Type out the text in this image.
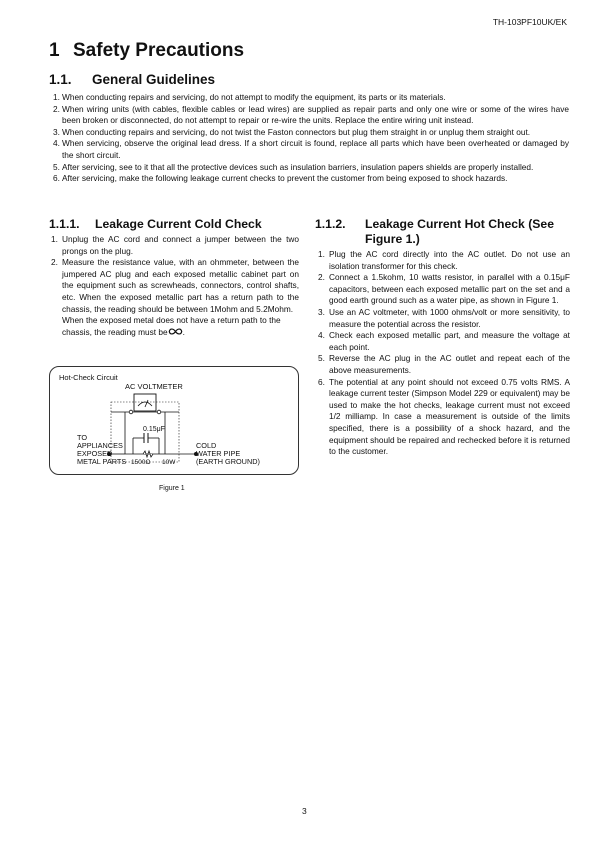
TH-103PF10UK/EK
1 Safety Precautions
1.1. General Guidelines
1. When conducting repairs and servicing, do not attempt to modify the equipment, its parts or its materials.
2. When wiring units (with cables, flexible cables or lead wires) are supplied as repair parts and only one wire or some of the wires have been broken or disconnected, do not attempt to repair or re-wire the units. Replace the entire wiring unit instead.
3. When conducting repairs and servicing, do not twist the Faston connectors but plug them straight in or unplug them straight out.
4. When servicing, observe the original lead dress. If a short circuit is found, replace all parts which have been overheated or damaged by the short circuit.
5. After servicing, see to it that all the protective devices such as insulation barriers, insulation papers shields are properly installed.
6. After servicing, make the following leakage current checks to prevent the customer from being exposed to shock hazards.
1.1.1. Leakage Current Cold Check
1. Unplug the AC cord and connect a jumper between the two prongs on the plug.
2. Measure the resistance value, with an ohmmeter, between the jumpered AC plug and each exposed metallic cabinet part on the equipment such as screwheads, connectors, control shafts, etc. When the exposed metallic part has a return path to the chassis, the reading should be between 1Mohm and 5.2Mohm.
When the exposed metal does not have a return path to the chassis, the reading must be .
Hot-Check Circuit
AC VOLTMETER
0.15μF
TO
APPLIANCES
EXPOSED
METAL PARTS 1500Ω 10W
COLD
WATER PIPE
(EARTH GROUND)
Figure 1
1.1.2. Leakage Current Hot Check (See
Figure 1.)
1. Plug the AC cord directly into the AC outlet. Do not use an isolation transformer for this check.
2. Connect a 1.5kohm, 10 watts resistor, in parallel with a 0.15μF capacitors, between each exposed metallic part on the set and a good earth ground such as a water pipe, as shown in Figure 1.
3. Use an AC voltmeter, with 1000 ohms/volt or more sensitivity, to measure the potential across the resistor.
4. Check each exposed metallic part, and measure the voltage at each point.
5. Reverse the AC plug in the AC outlet and repeat each of the above measurements.
6. The potential at any point should not exceed 0.75 volts RMS. A leakage current tester (Simpson Model 229 or equivalent) may be used to make the hot checks, leakage current must not exceed 1/2 milliamp. In case a measurement is outside of the limits specified, there is a possibility of a shock hazard, and the equipment should be repaired and rechecked before it is returned to the customer.
3
